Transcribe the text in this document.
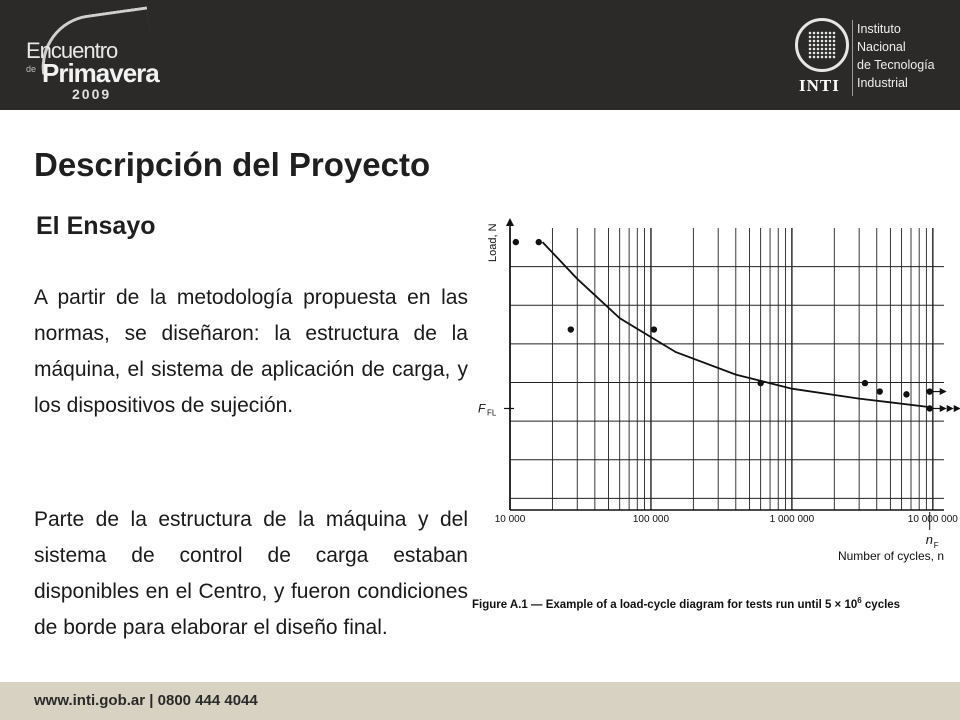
Encuentro
de Primavera
2009	INTI
Instituto
Nacional
de Tecnología
Industrial
Descripción del Proyecto
El Ensayo
A partir de la metodología propuesta en las normas, se diseñaron: la estructura de la máquina, el sistema de aplicación de carga, y los dispositivos de sujeción.
Parte de la estructura de la máquina y del sistema de control de carga estaban disponibles en el Centro, y fueron condiciones de borde para elaborar el diseño final.
10 000	100 000	1 000 000	10 000 000
Load, N
Number of cycles, n
F FL
n F
Figure A.1 — Example of a load-cycle diagram for tests run until $5 \times 10^6$ cycles
www.inti.gob.ar | 0800 444 4044
